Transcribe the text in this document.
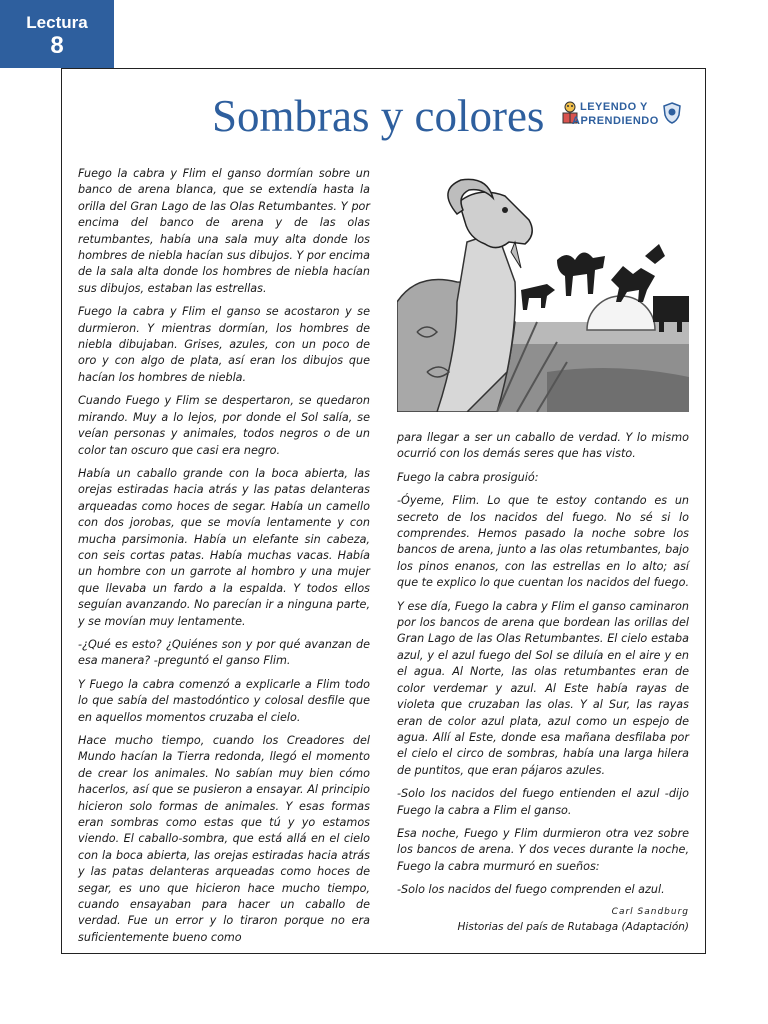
Lectura
8
Sombras y colores	LEYENDO Y
APRENDIENDO

Fuego la cabra y Flim el ganso dormían sobre un banco de arena blanca, que se extendía hasta la orilla del Gran Lago de las Olas Retumbantes. Y por encima del banco de arena y de las olas retumbantes, había una sala muy alta donde los hombres de niebla hacían sus dibujos. Y por encima de la sala alta donde los hombres de niebla hacían sus dibujos, estaban las estrellas.

Fuego la cabra y Flim el ganso se acostaron y se durmieron. Y mientras dormían, los hombres de niebla dibujaban. Grises, azules, con un poco de oro y con algo de plata, así eran los dibujos que hacían los hombres de niebla.

Cuando Fuego y Flim se despertaron, se quedaron mirando. Muy a lo lejos, por donde el Sol salía, se veían personas y animales, todos negros o de un color tan oscuro que casi era negro.

Había un caballo grande con la boca abierta, las orejas estiradas hacia atrás y las patas delanteras arqueadas como hoces de segar. Había un camello con dos jorobas, que se movía lentamente y con mucha parsimonia. Había un elefante sin cabeza, con seis cortas patas. Había muchas vacas. Había un hombre con un garrote al hombro y una mujer que llevaba un fardo a la espalda. Y todos ellos seguían avanzando. No parecían ir a ninguna parte, y se movían muy lentamente.

-¿Qué es esto? ¿Quiénes son y por qué avanzan de esa manera? -preguntó el ganso Flim.

Y Fuego la cabra comenzó a explicarle a Flim todo lo que sabía del mastodóntico y colosal desfile que en aquellos momentos cruzaba el cielo.

Hace mucho tiempo, cuando los Creadores del Mundo hacían la Tierra redonda, llegó el momento de crear los animales. No sabían muy bien cómo hacerlos, así que se pusieron a ensayar. Al principio hicieron solo formas de animales. Y esas formas eran sombras como estas que tú y yo estamos viendo. El caballo-sombra, que está allá en el cielo con la boca abierta, las orejas estiradas hacia atrás y las patas delanteras arqueadas como hoces de segar, es uno que hicieron hace mucho tiempo, cuando ensayaban para hacer un caballo de verdad. Fue un error y lo tiraron porque no era suficientemente bueno como

para llegar a ser un caballo de verdad. Y lo mismo ocurrió con los demás seres que has visto.

Fuego la cabra prosiguió:

-Óyeme, Flim. Lo que te estoy contando es un secreto de los nacidos del fuego. No sé si lo comprendes. Hemos pasado la noche sobre los bancos de arena, junto a las olas retumbantes, bajo los pinos enanos, con las estrellas en lo alto; así que te explico lo que cuentan los nacidos del fuego.

Y ese día, Fuego la cabra y Flim el ganso caminaron por los bancos de arena que bordean las orillas del Gran Lago de las Olas Retumbantes. El cielo estaba azul, y el azul fuego del Sol se diluía en el aire y en el agua. Al Norte, las olas retumbantes eran de color verdemar y azul. Al Este había rayas de violeta que cruzaban las olas. Y al Sur, las rayas eran de color azul plata, azul como un espejo de agua. Allí al Este, donde esa mañana desfilaba por el cielo el circo de sombras, había una larga hilera de puntitos, que eran pájaros azules.

-Solo los nacidos del fuego entienden el azul -dijo Fuego la cabra a Flim el ganso.

Esa noche, Fuego y Flim durmieron otra vez sobre los bancos de arena. Y dos veces durante la noche, Fuego la cabra murmuró en sueños:

-Solo los nacidos del fuego comprenden el azul.

Carl Sandburg
Historias del país de Rutabaga (Adaptación)
